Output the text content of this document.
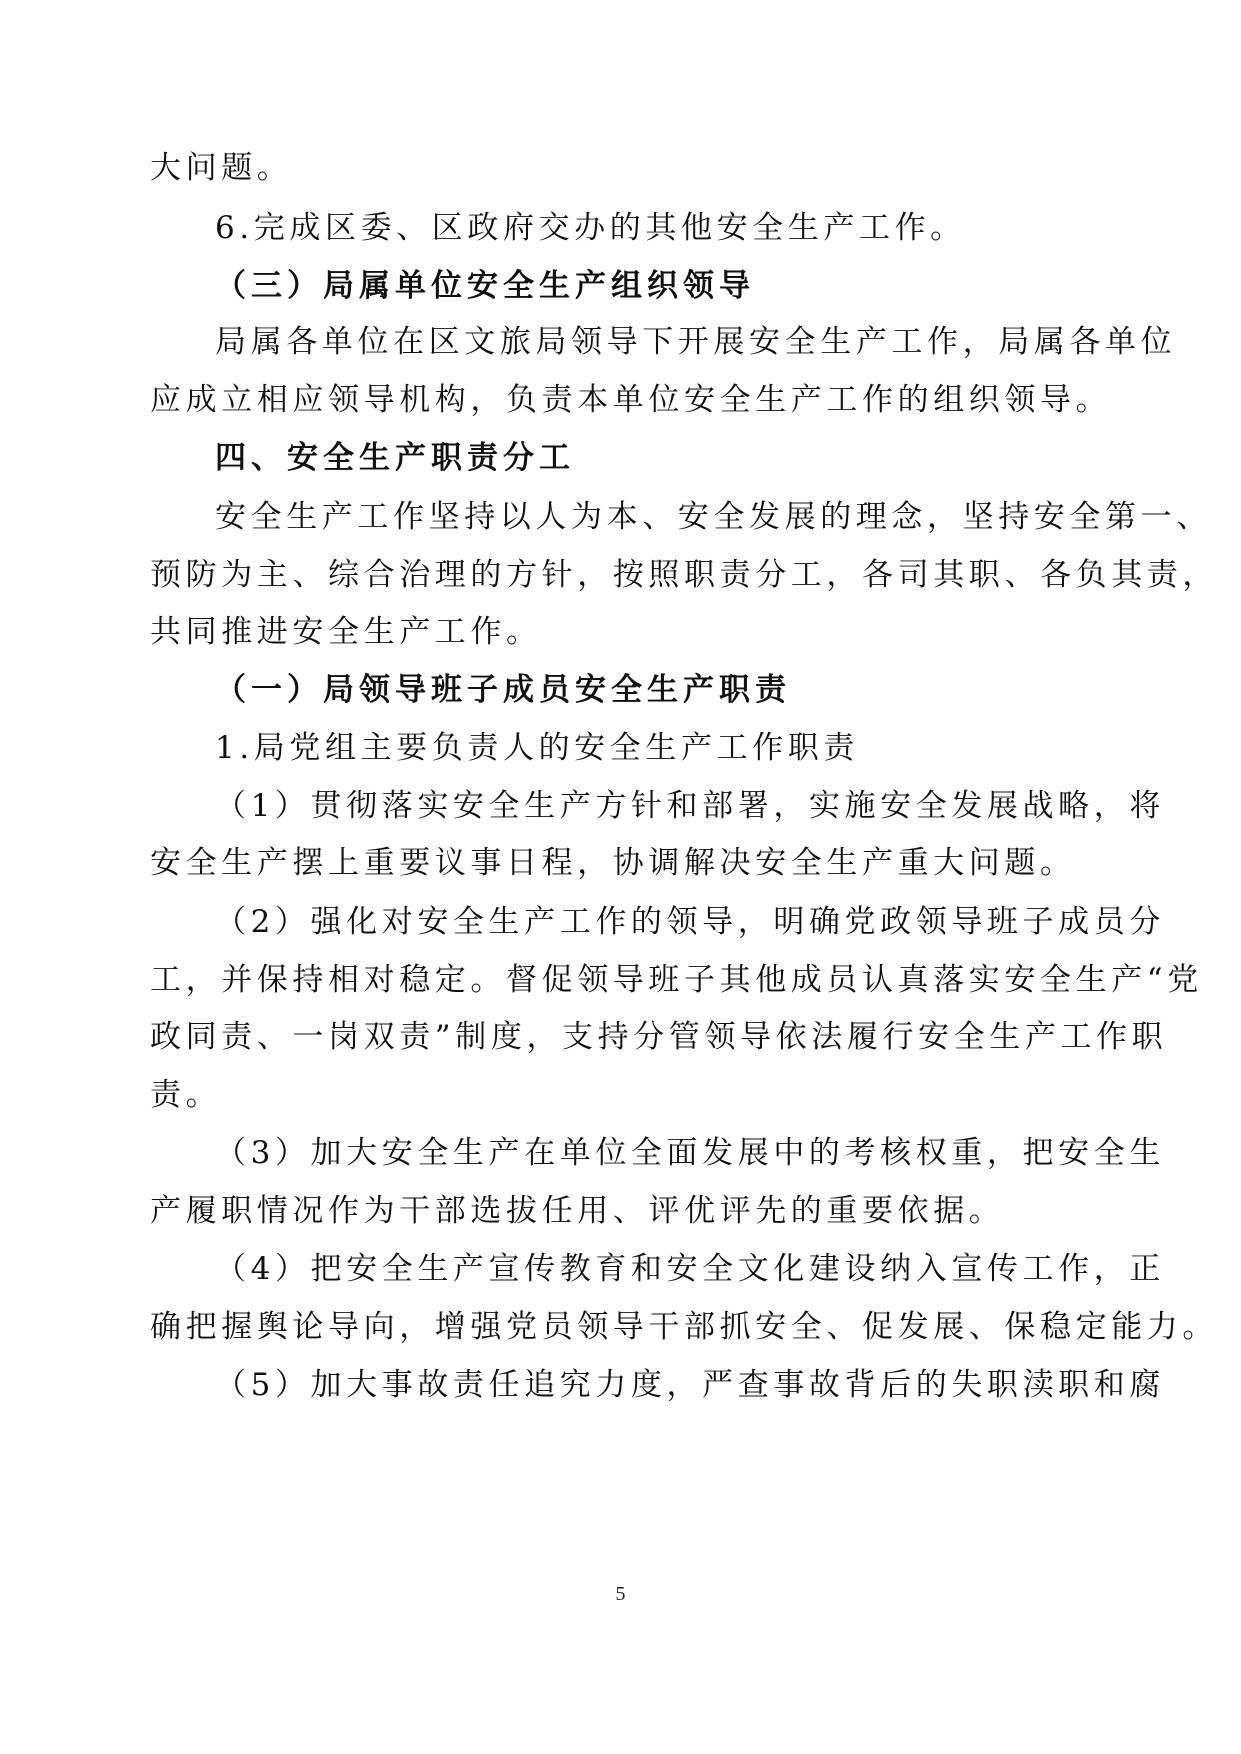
大问题。
6.完成区委、区政府交办的其他安全生产工作。
（三）局属单位安全生产组织领导
局属各单位在区文旅局领导下开展安全生产工作，局属各单位
应成立相应领导机构，负责本单位安全生产工作的组织领导。
四、安全生产职责分工
安全生产工作坚持以人为本、安全发展的理念，坚持安全第一、
预防为主、综合治理的方针，按照职责分工，各司其职、各负其责，
共同推进安全生产工作。
（一）局领导班子成员安全生产职责
1.局党组主要负责人的安全生产工作职责
（1）贯彻落实安全生产方针和部署，实施安全发展战略，将
安全生产摆上重要议事日程，协调解决安全生产重大问题。
（2）强化对安全生产工作的领导，明确党政领导班子成员分
工，并保持相对稳定。督促领导班子其他成员认真落实安全生产“党
政同责、一岗双责”制度，支持分管领导依法履行安全生产工作职
责。
（3）加大安全生产在单位全面发展中的考核权重，把安全生
产履职情况作为干部选拔任用、评优评先的重要依据。
（4）把安全生产宣传教育和安全文化建设纳入宣传工作，正
确把握舆论导向，增强党员领导干部抓安全、促发展、保稳定能力。
（5）加大事故责任追究力度，严查事故背后的失职渎职和腐
5
